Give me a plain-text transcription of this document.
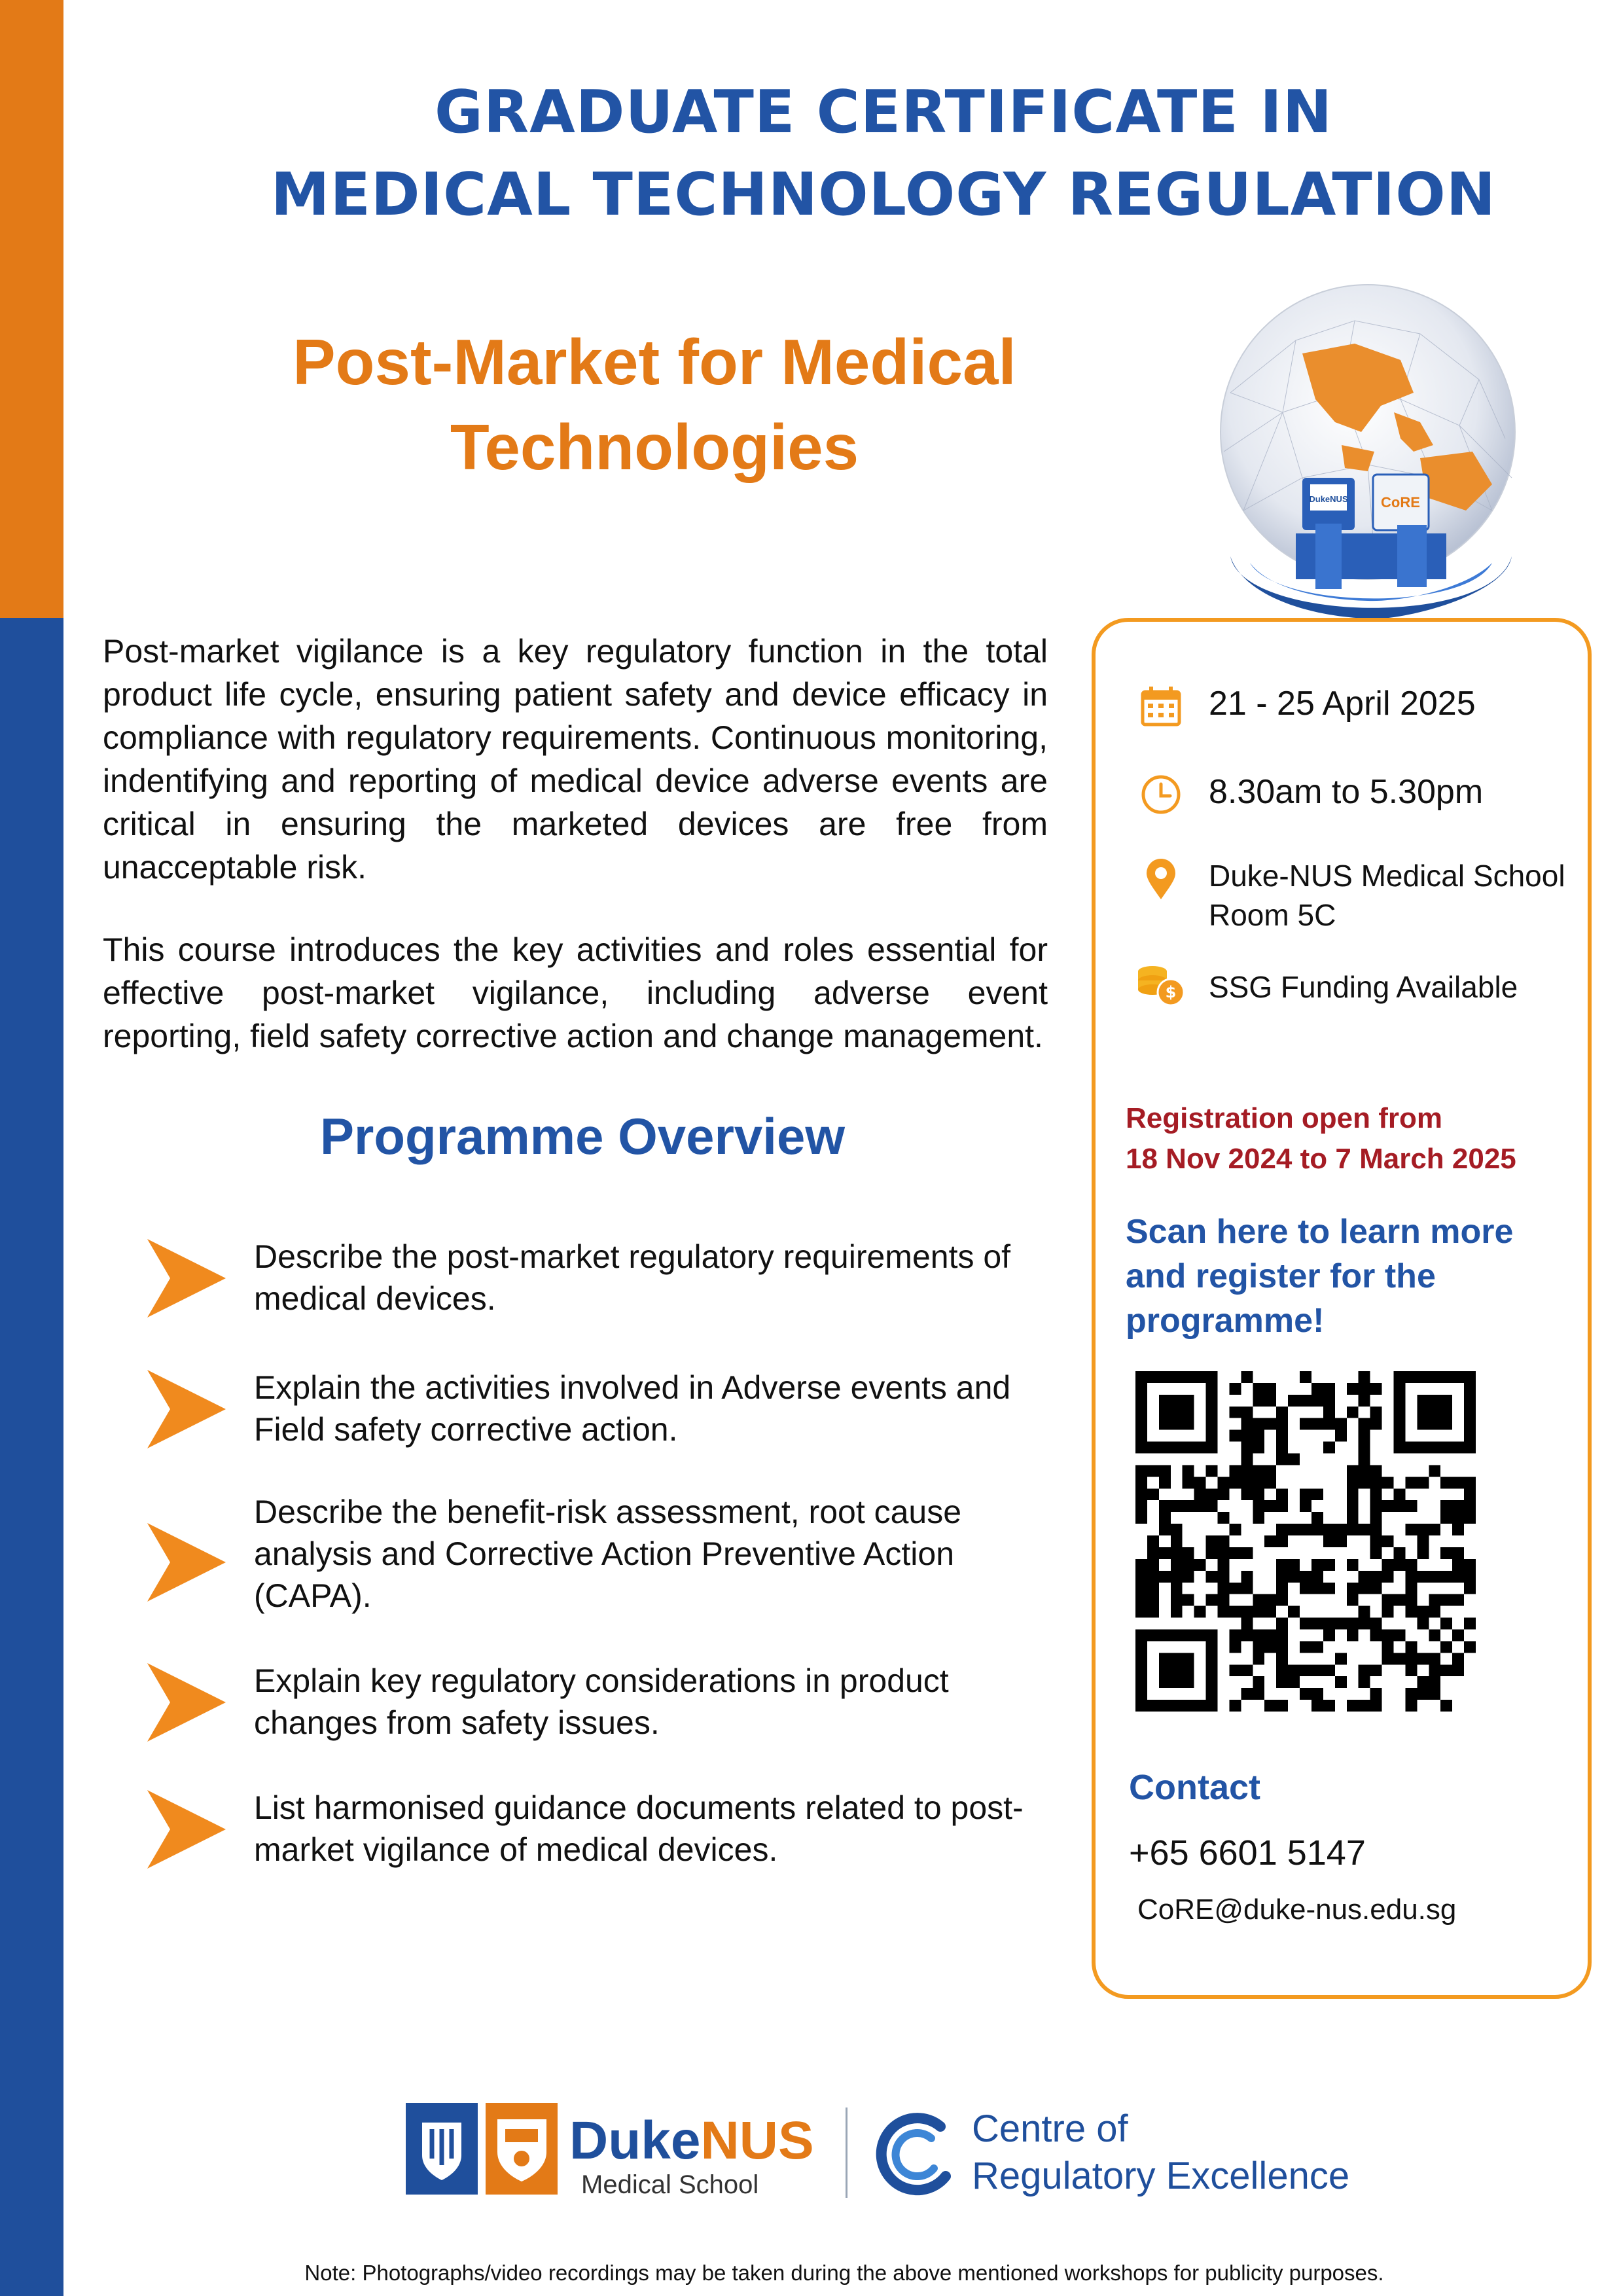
GRADUATE CERTIFICATE IN
MEDICAL TECHNOLOGY REGULATION
Post-Market for Medical
Technologies
DukeNUS CoRE
Post-market vigilance is a key regulatory function in the total product life cycle, ensuring patient safety and device efficacy in compliance with regulatory requirements. Continuous monitoring, indentifying and reporting of medical device adverse events are critical in ensuring the marketed devices are free from unacceptable risk.
This course introduces the key activities and roles essential for effective post-market vigilance, including adverse event reporting, field safety corrective action and change management.
Programme Overview
Describe the post-market regulatory requirements of medical devices.
Explain the activities involved in Adverse events and Field safety corrective action.
Describe the benefit-risk assessment, root cause analysis and Corrective Action Preventive Action (CAPA).
Explain key regulatory considerations in product changes from safety issues.
List harmonised guidance documents related to post-market vigilance of medical devices.
21 - 25 April 2025
8.30am to 5.30pm
Duke-NUS Medical School
Room 5C
$ SSG Funding Available
Registration open from
18 Nov 2024 to 7 March 2025
Scan here to learn more
and register for the
programme!
Contact
+65 6601 5147
CoRE@duke-nus.edu.sg
DukeNUS
Medical School
Centre of
Regulatory Excellence
Note: Photographs/video recordings may be taken during the above mentioned workshops for publicity purposes.
